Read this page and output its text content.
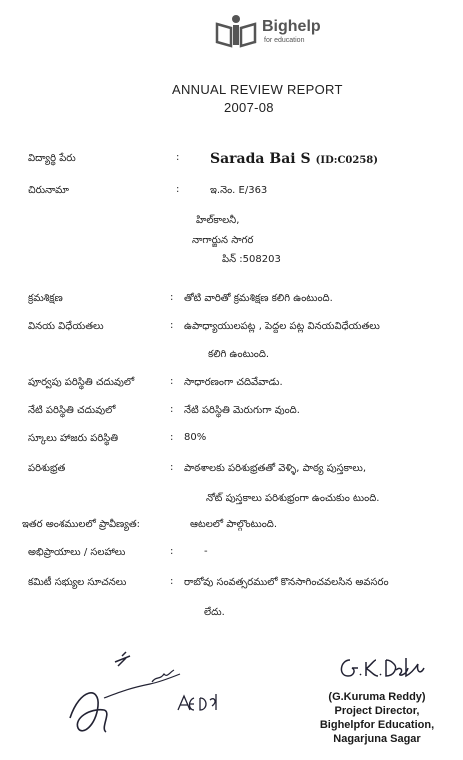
Bighelp
for education
ANNUAL REVIEW REPORT
2007-08
విద్యార్థి పేరు	: Sarada Bai S (ID:C0258)
చిరునామా	:	ఇ.నెం. E/363
హిల్‌కాలనీ,
నాగార్జున సాగర
పిన్ :508203
క్రమశిక్షణ	: తోటి వారితో క్రమశిక్షణ కలిగి ఉంటుంది.
వినయ విధేయతలు	: ఉపాధ్యాయులపట్ల , పెద్దల పట్ల వినయవిధేయతలు
కలిగి ఉంటుంది.
పూర్వపు పరిస్థితి చదువులో	: సాధారణంగా చదివేవాడు.
నేటి పరిస్థితి చదువులో	: నేటి పరిస్థితి మెరుగుగా వుంది.
స్కూలు హాజరు పరిస్థితి	: 80%
పరిశుభ్రత	: పాఠశాలకు పరిశుభ్రతతో వెళ్ళి, పాఠ్య పుస్తకాలు,
నోట్ పుస్తకాలు పరిశుభ్రంగా ఉంచుకుం టుంది.
ఇతర అంశములలో ప్రావీణ్యత:	ఆటలలో పాల్గొంటుంది.
అభిప్రాయాలు / సలహాలు	:	-
కమిటీ సభ్యుల సూచనలు	: రాబోవు సంవత్సరములో కొనసాగించవలసిన అవసరం
లేదు.
(G.Kuruma Reddy)
Project Director,
Bighelpfor Education,
Nagarjuna Sagar
